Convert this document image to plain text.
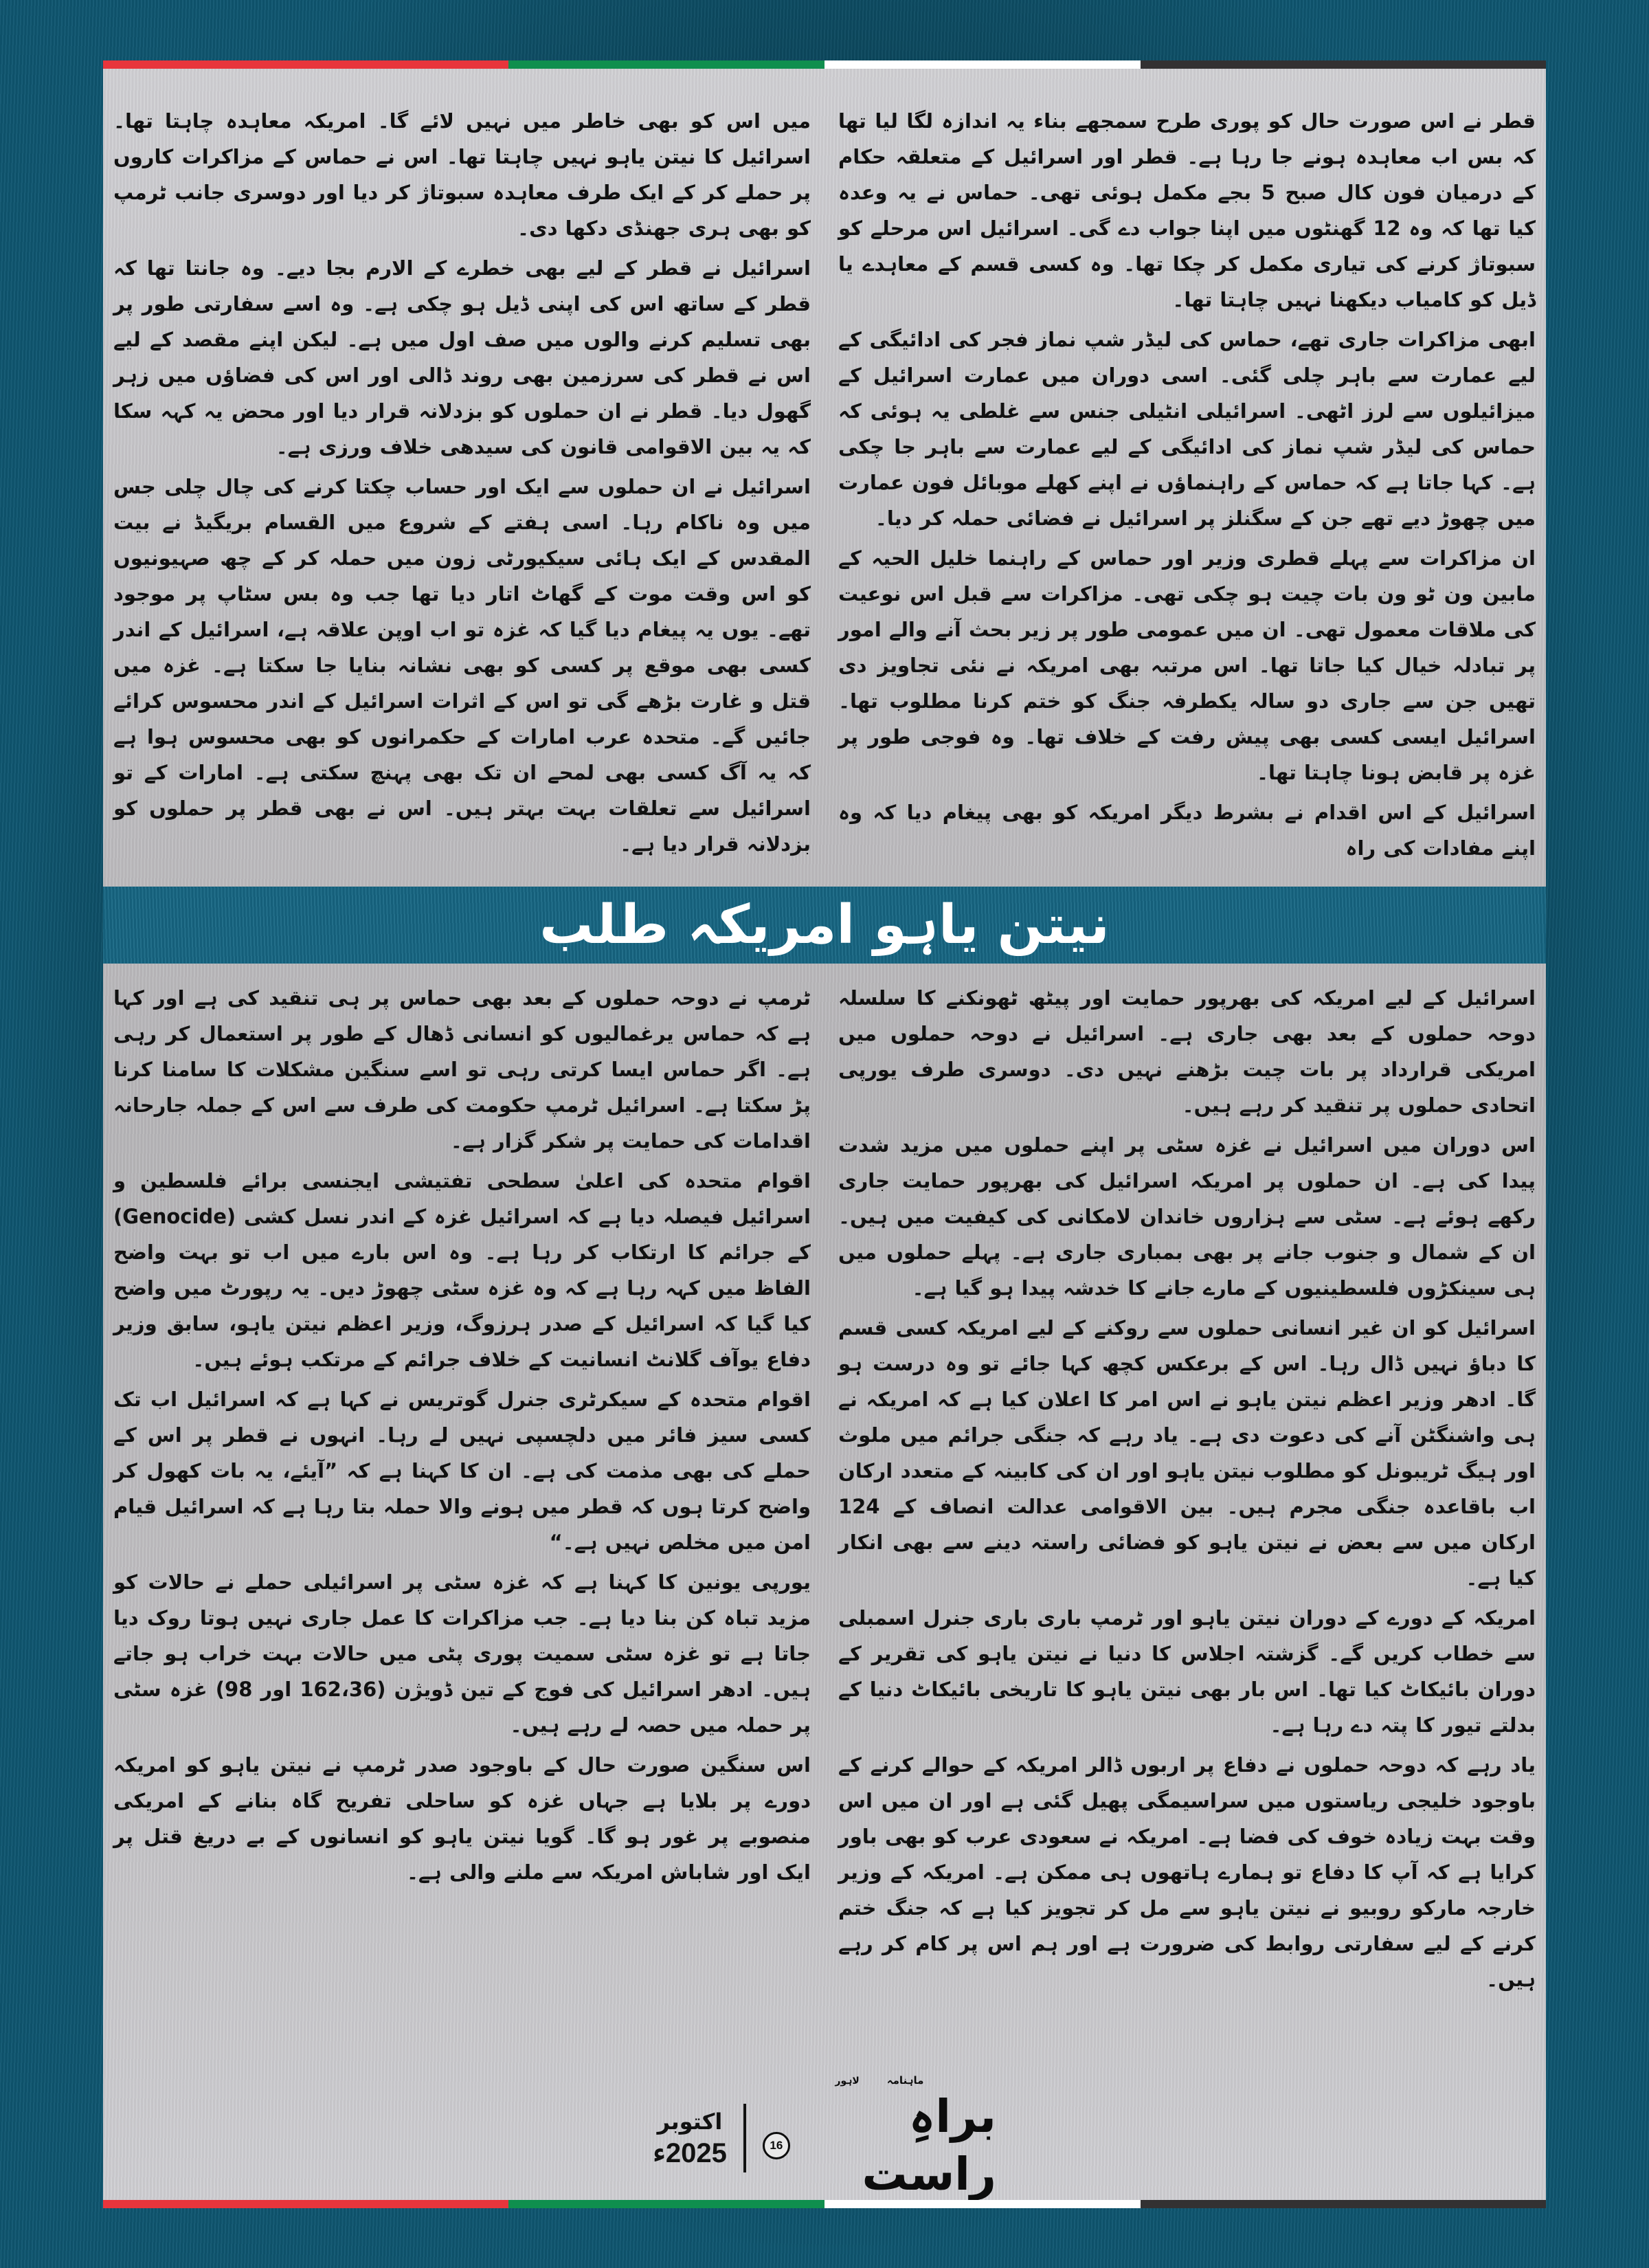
قطر نے اس صورت حال کو پوری طرح سمجھے بناء یہ اندازہ لگا لیا تھا کہ بس اب معاہدہ ہونے جا رہا ہے۔ قطر اور اسرائیل کے متعلقہ حکام کے درمیان فون کال صبح 5 بجے مکمل ہوئی تھی۔ حماس نے یہ وعدہ کیا تھا کہ وہ 12 گھنٹوں میں اپنا جواب دے گی۔ اسرائیل اس مرحلے کو سبوتاژ کرنے کی تیاری مکمل کر چکا تھا۔ وہ کسی قسم کے معاہدے یا ڈیل کو کامیاب دیکھنا نہیں چاہتا تھا۔

ابھی مزاکرات جاری تھے، حماس کی لیڈر شپ نماز فجر کی ادائیگی کے لیے عمارت سے باہر چلی گئی۔ اسی دوران میں عمارت اسرائیل کے میزائیلوں سے لرز اٹھی۔ اسرائیلی انٹیلی جنس سے غلطی یہ ہوئی کہ حماس کی لیڈر شپ نماز کی ادائیگی کے لیے عمارت سے باہر جا چکی ہے۔ کہا جاتا ہے کہ حماس کے راہنماؤں نے اپنے کھلے موبائل فون عمارت میں چھوڑ دیے تھے جن کے سگنلز پر اسرائیل نے فضائی حملہ کر دیا۔

ان مزاکرات سے پہلے قطری وزیر اور حماس کے راہنما خلیل الحیہ کے مابین ون ٹو ون بات چیت ہو چکی تھی۔ مزاکرات سے قبل اس نوعیت کی ملاقات معمول تھی۔ ان میں عمومی طور پر زیر بحث آنے والے امور پر تبادلہ خیال کیا جاتا تھا۔ اس مرتبہ بھی امریکہ نے نئی تجاویز دی تھیں جن سے جاری دو سالہ یکطرفہ جنگ کو ختم کرنا مطلوب تھا۔ اسرائیل ایسی کسی بھی پیش رفت کے خلاف تھا۔ وہ فوجی طور پر غزہ پر قابض ہونا چاہتا تھا۔

اسرائیل کے اس اقدام نے بشرط دیگر امریکہ کو بھی پیغام دیا کہ وہ اپنے مفادات کی راہ

میں اس کو بھی خاطر میں نہیں لائے گا۔ امریکہ معاہدہ چاہتا تھا۔ اسرائیل کا نیتن یاہو نہیں چاہتا تھا۔ اس نے حماس کے مزاکرات کاروں پر حملے کر کے ایک طرف معاہدہ سبوتاژ کر دیا اور دوسری جانب ٹرمپ کو بھی ہری جھنڈی دکھا دی۔

اسرائیل نے قطر کے لیے بھی خطرے کے الارم بجا دیے۔ وہ جانتا تھا کہ قطر کے ساتھ اس کی اپنی ڈیل ہو چکی ہے۔ وہ اسے سفارتی طور پر بھی تسلیم کرنے والوں میں صف اول میں ہے۔ لیکن اپنے مقصد کے لیے اس نے قطر کی سرزمین بھی روند ڈالی اور اس کی فضاؤں میں زہر گھول دیا۔ قطر نے ان حملوں کو بزدلانہ قرار دیا اور محض یہ کہہ سکا کہ یہ بین الاقوامی قانون کی سیدھی خلاف ورزی ہے۔

اسرائیل نے ان حملوں سے ایک اور حساب چکتا کرنے کی چال چلی جس میں وہ ناکام رہا۔ اسی ہفتے کے شروع میں القسام بریگیڈ نے بیت المقدس کے ایک ہائی سیکیورٹی زون میں حملہ کر کے چھ صہیونیوں کو اس وقت موت کے گھاٹ اتار دیا تھا جب وہ بس سٹاپ پر موجود تھے۔ یوں یہ پیغام دیا گیا کہ غزہ تو اب اوپن علاقہ ہے، اسرائیل کے اندر کسی بھی موقع پر کسی کو بھی نشانہ بنایا جا سکتا ہے۔ غزہ میں قتل و غارت بڑھے گی تو اس کے اثرات اسرائیل کے اندر محسوس کرائے جائیں گے۔ متحدہ عرب امارات کے حکمرانوں کو بھی محسوس ہوا ہے کہ یہ آگ کسی بھی لمحے ان تک بھی پہنچ سکتی ہے۔ امارات کے تو اسرائیل سے تعلقات بہت بہتر ہیں۔ اس نے بھی قطر پر حملوں کو بزدلانہ قرار دیا ہے۔

نیتن یاہو امریکہ طلب

اسرائیل کے لیے امریکہ کی بھرپور حمایت اور پیٹھ ٹھونکنے کا سلسلہ دوحہ حملوں کے بعد بھی جاری ہے۔ اسرائیل نے دوحہ حملوں میں امریکی قرارداد پر بات چیت بڑھنے نہیں دی۔ دوسری طرف یورپی اتحادی حملوں پر تنقید کر رہے ہیں۔

اس دوران میں اسرائیل نے غزہ سٹی پر اپنے حملوں میں مزید شدت پیدا کی ہے۔ ان حملوں پر امریکہ اسرائیل کی بھرپور حمایت جاری رکھے ہوئے ہے۔ سٹی سے ہزاروں خاندان لامکانی کی کیفیت میں ہیں۔ ان کے شمال و جنوب جانے پر بھی بمباری جاری ہے۔ پہلے حملوں میں ہی سینکڑوں فلسطینیوں کے مارے جانے کا خدشہ پیدا ہو گیا ہے۔

اسرائیل کو ان غیر انسانی حملوں سے روکنے کے لیے امریکہ کسی قسم کا دباؤ نہیں ڈال رہا۔ اس کے برعکس کچھ کہا جائے تو وہ درست ہو گا۔ ادھر وزیر اعظم نیتن یاہو نے اس امر کا اعلان کیا ہے کہ امریکہ نے ہی واشنگٹن آنے کی دعوت دی ہے۔ یاد رہے کہ جنگی جرائم میں ملوث اور ہیگ ٹریبونل کو مطلوب نیتن یاہو اور ان کی کابینہ کے متعدد ارکان اب باقاعدہ جنگی مجرم ہیں۔ بین الاقوامی عدالت انصاف کے 124 ارکان میں سے بعض نے نیتن یاہو کو فضائی راستہ دینے سے بھی انکار کیا ہے۔

امریکہ کے دورے کے دوران نیتن یاہو اور ٹرمپ باری باری جنرل اسمبلی سے خطاب کریں گے۔ گزشتہ اجلاس کا دنیا نے نیتن یاہو کی تقریر کے دوران بائیکاٹ کیا تھا۔ اس بار بھی نیتن یاہو کا تاریخی بائیکاٹ دنیا کے بدلتے تیور کا پتہ دے رہا ہے۔

یاد رہے کہ دوحہ حملوں نے دفاع پر اربوں ڈالر امریکہ کے حوالے کرنے کے باوجود خلیجی ریاستوں میں سراسیمگی پھیل گئی ہے اور ان میں اس وقت بہت زیادہ خوف کی فضا ہے۔ امریکہ نے سعودی عرب کو بھی باور کرایا ہے کہ آپ کا دفاع تو ہمارے ہاتھوں ہی ممکن ہے۔ امریکہ کے وزیر خارجہ مارکو روبیو نے نیتن یاہو سے مل کر تجویز کیا ہے کہ جنگ ختم کرنے کے لیے سفارتی روابط کی ضرورت ہے اور ہم اس پر کام کر رہے ہیں۔

ٹرمپ نے دوحہ حملوں کے بعد بھی حماس پر ہی تنقید کی ہے اور کہا ہے کہ حماس یرغمالیوں کو انسانی ڈھال کے طور پر استعمال کر رہی ہے۔ اگر حماس ایسا کرتی رہی تو اسے سنگین مشکلات کا سامنا کرنا پڑ سکتا ہے۔ اسرائیل ٹرمپ حکومت کی طرف سے اس کے جملہ جارحانہ اقدامات کی حمایت پر شکر گزار ہے۔

اقوام متحدہ کی اعلیٰ سطحی تفتیشی ایجنسی برائے فلسطین و اسرائیل فیصلہ دیا ہے کہ اسرائیل غزہ کے اندر نسل کشی (Genocide) کے جرائم کا ارتکاب کر رہا ہے۔ وہ اس بارے میں اب تو بہت واضح الفاظ میں کہہ رہا ہے کہ وہ غزہ سٹی چھوڑ دیں۔ یہ رپورٹ میں واضح کیا گیا کہ اسرائیل کے صدر ہرزوگ، وزیر اعظم نیتن یاہو، سابق وزیر دفاع یوآف گلانٹ انسانیت کے خلاف جرائم کے مرتکب ہوئے ہیں۔

اقوام متحدہ کے سیکرٹری جنرل گوتریس نے کہا ہے کہ اسرائیل اب تک کسی سیز فائر میں دلچسپی نہیں لے رہا۔ انہوں نے قطر پر اس کے حملے کی بھی مذمت کی ہے۔ ان کا کہنا ہے کہ ”آیئے، یہ بات کھول کر واضح کرتا ہوں کہ قطر میں ہونے والا حملہ بتا رہا ہے کہ اسرائیل قیام امن میں مخلص نہیں ہے۔“

یورپی یونین کا کہنا ہے کہ غزہ سٹی پر اسرائیلی حملے نے حالات کو مزید تباہ کن بنا دیا ہے۔ جب مزاکرات کا عمل جاری نہیں ہوتا روک دیا جاتا ہے تو غزہ سٹی سمیت پوری پٹی میں حالات بہت خراب ہو جاتے ہیں۔ ادھر اسرائیل کی فوج کے تین ڈویژن (162،36 اور 98) غزہ سٹی پر حملہ میں حصہ لے رہے ہیں۔

اس سنگین صورت حال کے باوجود صدر ٹرمپ نے نیتن یاہو کو امریکہ دورے پر بلایا ہے جہاں غزہ کو ساحلی تفریح گاہ بنانے کے امریکی منصوبے پر غور ہو گا۔ گویا نیتن یاہو کو انسانوں کے بے دریغ قتل پر ایک اور شاباش امریکہ سے ملنے والی ہے۔

اکتوبر
2025ء
ماہنامہ
لاہور
براہِ راست
16
